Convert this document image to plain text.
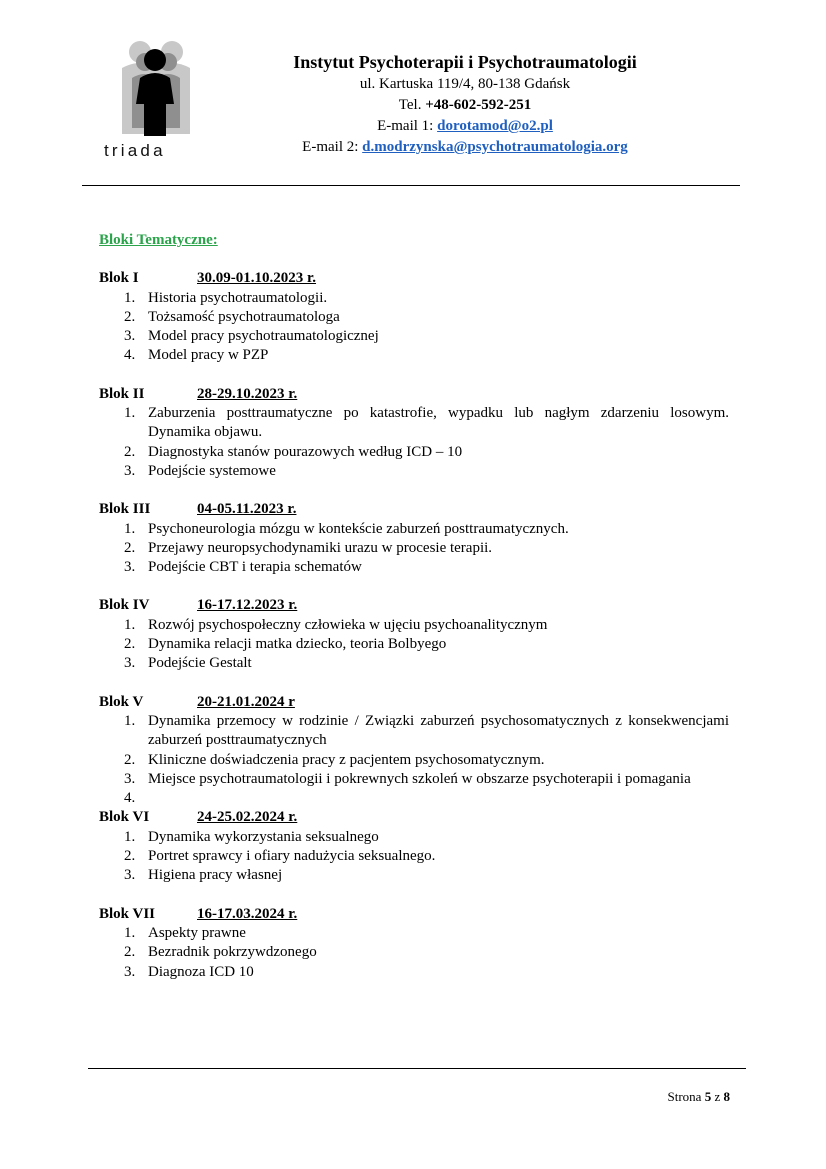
triada
Instytut Psychoterapii i Psychotraumatologii
ul. Kartuska 119/4, 80-138 Gdańsk
Tel. +48-602-592-251
E-mail 1: dorotamod@o2.pl
E-mail 2: d.modrzynska@psychotraumatologia.org
Bloki Tematyczne:
Blok I	30.09-01.10.2023 r.
1. Historia psychotraumatologii.
2. Tożsamość psychotraumatologa
3. Model pracy psychotraumatologicznej
4. Model pracy w PZP
Blok II	28-29.10.2023 r.
1. Zaburzenia posttraumatyczne po katastrofie, wypadku lub nagłym zdarzeniu losowym. Dynamika objawu.
2. Diagnostyka stanów pourazowych według ICD – 10
3. Podejście systemowe
Blok III	04-05.11.2023 r.
1. Psychoneurologia mózgu w kontekście zaburzeń posttraumatycznych.
2. Przejawy neuropsychodynamiki urazu w procesie terapii.
3. Podejście CBT i terapia schematów
Blok IV	16-17.12.2023 r.
1. Rozwój psychospołeczny człowieka w ujęciu psychoanalitycznym
2. Dynamika relacji matka dziecko, teoria Bolbyego
3. Podejście Gestalt
Blok V	20-21.01.2024 r
1. Dynamika przemocy w rodzinie / Związki zaburzeń psychosomatycznych z konsekwencjami zaburzeń posttraumatycznych
2. Kliniczne doświadczenia pracy z pacjentem psychosomatycznym.
3. Miejsce psychotraumatologii i pokrewnych szkoleń w obszarze psychoterapii i pomagania
4.
Blok VI	24-25.02.2024 r.
1. Dynamika wykorzystania seksualnego
2. Portret sprawcy i ofiary nadużycia seksualnego.
3. Higiena pracy własnej
Blok VII	16-17.03.2024 r.
1. Aspekty prawne
2. Bezradnik pokrzywdzonego
3. Diagnoza ICD 10
Strona 5 z 8
